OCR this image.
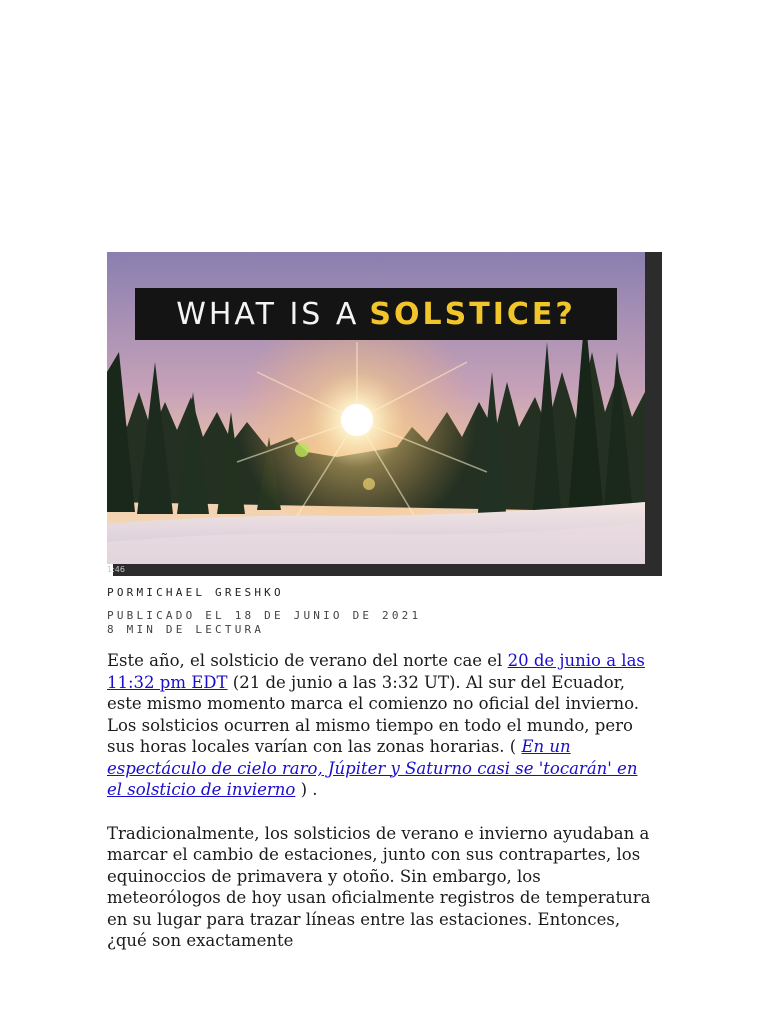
WHAT IS A SOLSTICE?
1:46
PORMICHAEL GRESHKO
PUBLICADO EL 18 DE JUNIO DE 2021
8 MIN DE LECTURA

Este año, el solsticio de verano del norte cae el 20 de junio a las 11:32 pm EDT (21 de junio a las 3:32 UT). Al sur del Ecuador, este mismo momento marca el comienzo no oficial del invierno. Los solsticios ocurren al mismo tiempo en todo el mundo, pero sus horas locales varían con las zonas horarias. ( En un espectáculo de cielo raro, Júpiter y Saturno casi se 'tocarán' en el solsticio de invierno ) .

Tradicionalmente, los solsticios de verano e invierno ayudaban a marcar el cambio de estaciones, junto con sus contrapartes, los equinoccios de primavera y otoño. Sin embargo, los meteorólogos de hoy usan oficialmente registros de temperatura en su lugar para trazar líneas entre las estaciones. Entonces, ¿qué son exactamente
